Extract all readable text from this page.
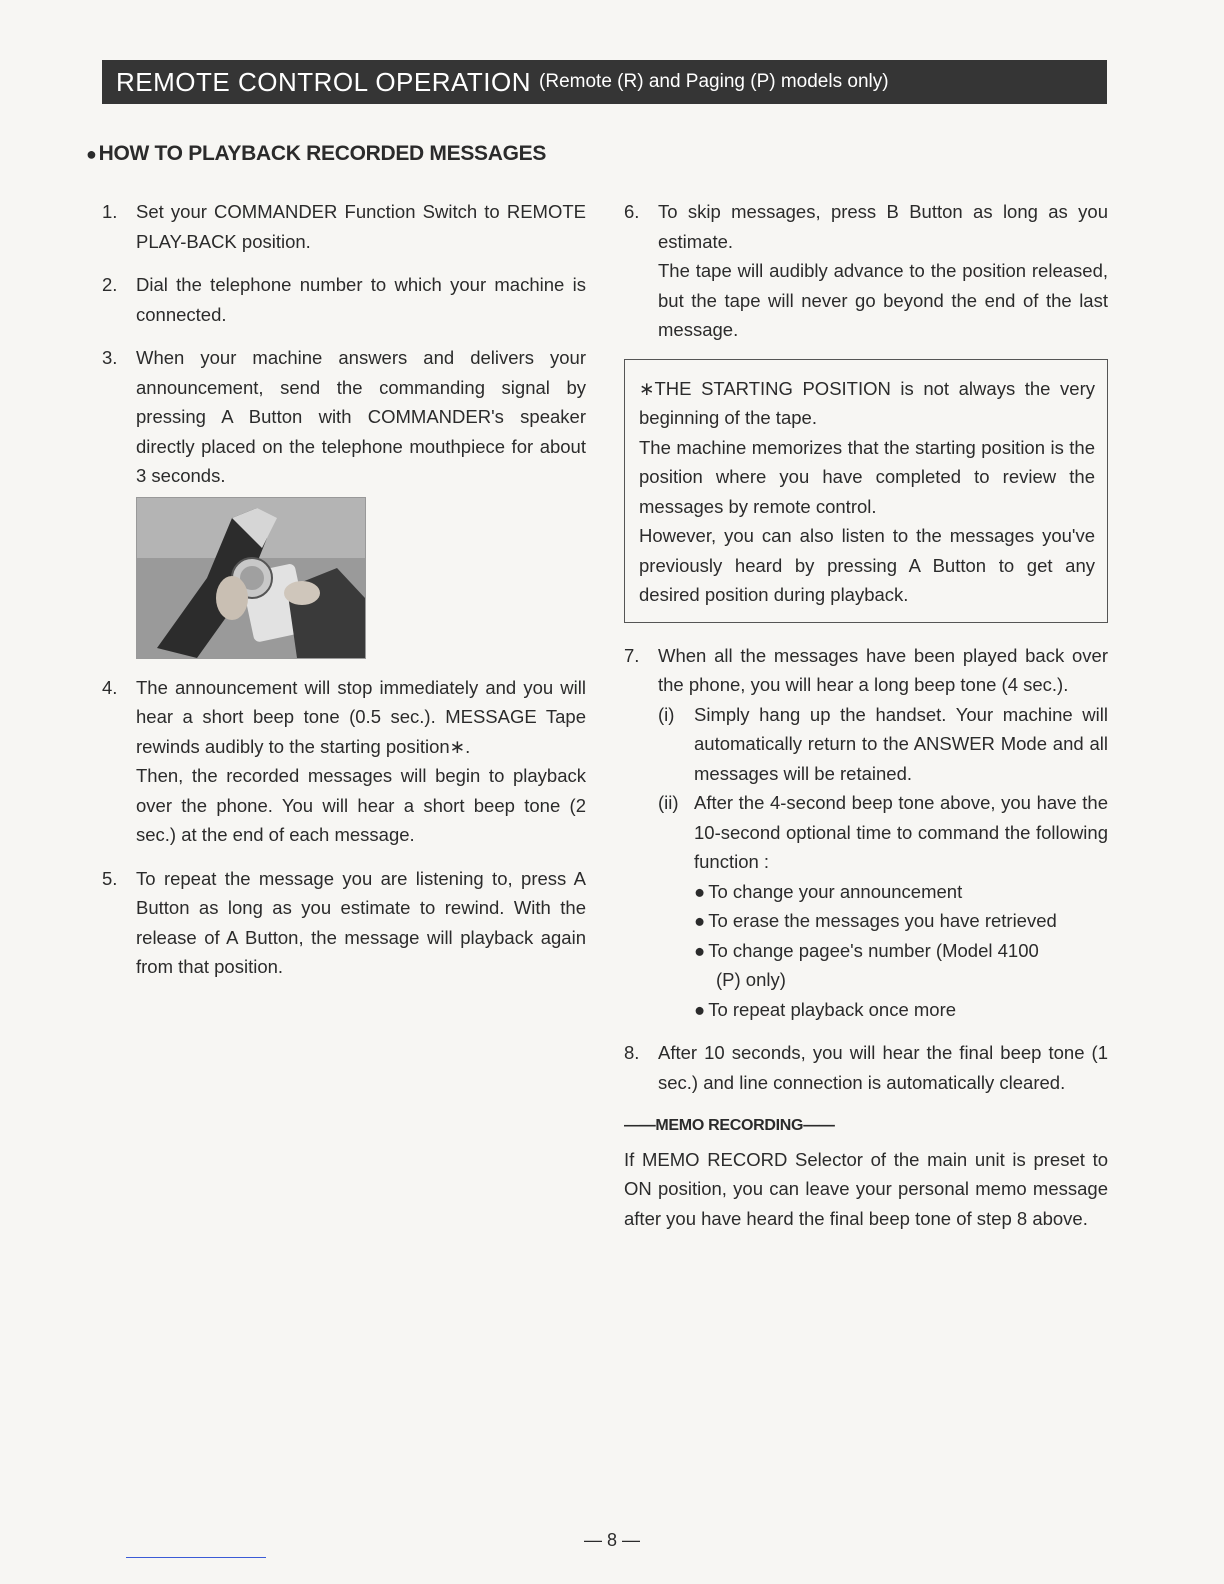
REMOTE CONTROL OPERATION (Remote (R) and Paging (P) models only)
●HOW TO PLAYBACK RECORDED MESSAGES
1.	Set your COMMANDER Function Switch to REMOTE PLAY-BACK position.

2.	Dial the telephone number to which your machine is connected.

3.	When your machine answers and delivers your announcement, send the commanding signal by pressing A Button with COMMANDER's speaker directly placed on the telephone mouthpiece for about 3 seconds.

4.	The announcement will stop immediately and you will hear a short beep tone (0.5 sec.). MESSAGE Tape rewinds audibly to the starting position∗.

Then, the recorded messages will begin to playback over the phone. You will hear a short beep tone (2 sec.) at the end of each message.

5.	To repeat the message you are listening to, press A Button as long as you estimate to rewind. With the release of A Button, the message will playback again from that position.

6.	To skip messages, press B Button as long as you estimate.

The tape will audibly advance to the position released, but the tape will never go beyond the end of the last message.

∗THE STARTING POSITION is not always the very beginning of the tape.

The machine memorizes that the starting position is the position where you have completed to review the messages by remote control.

However, you can also listen to the messages you've previously heard by pressing A Button to get any desired position during playback.

7.	When all the messages have been played back over the phone, you will hear a long beep tone (4 sec.).

(i)	Simply hang up the handset. Your machine will automatically return to the ANSWER Mode and all messages will be retained.
(ii) After the 4-second beep tone above, you have the 10-second optional time to command the following function :
● To change your announcement
● To erase the messages you have retrieved
● To change pagee's number (Model 4100
(P) only)
● To repeat playback once more
8.	After 10 seconds, you will hear the final beep tone (1 sec.) and line connection is automatically cleared.

——MEMO RECORDING——
If MEMO RECORD Selector of the main unit is preset to ON position, you can leave your personal memo message after you have heard the final beep tone of step 8 above.
— 8 —
